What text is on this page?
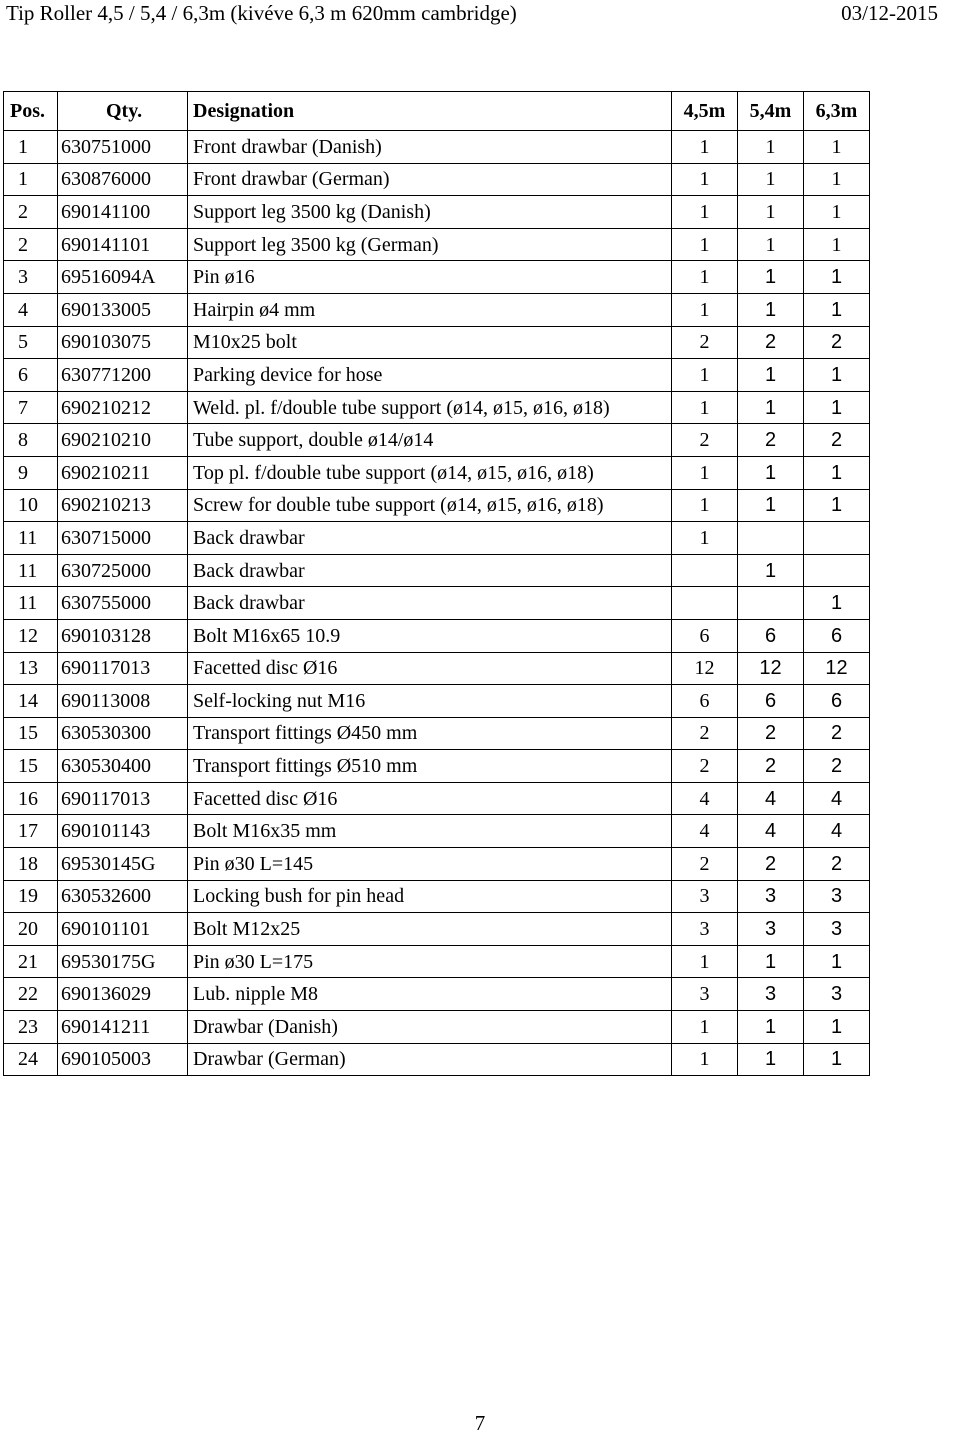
Tip Roller 4,5 / 5,4 / 6,3m (kivéve 6,3 m 620mm cambridge)	03/12-2015
Pos.	Qty.	Designation	4,5m	5,4m	6,3m
1	630751000	Front drawbar (Danish)	1	1	1
1	630876000	Front drawbar (German)	1	1	1
2	690141100	Support leg 3500 kg (Danish)	1	1	1
2	690141101	Support leg 3500 kg (German)	1	1	1
3	69516094A	Pin ø16	1	1	1
4	690133005	Hairpin ø4 mm	1	1	1
5	690103075	M10x25 bolt	2	2	2
6	630771200	Parking device for hose	1	1	1
7	690210212	Weld. pl. f/double tube support (ø14, ø15, ø16, ø18)	1	1	1
8	690210210	Tube support, double ø14/ø14	2	2	2
9	690210211	Top pl. f/double tube support (ø14, ø15, ø16, ø18)	1	1	1
10	690210213	Screw for double tube support (ø14, ø15, ø16, ø18)	1	1	1
11	630715000	Back drawbar	1		
11	630725000	Back drawbar		1	
11	630755000	Back drawbar			1
12	690103128	Bolt M16x65 10.9	6	6	6
13	690117013	Facetted disc Ø16	12	12	12
14	690113008	Self-locking nut M16	6	6	6
15	630530300	Transport fittings Ø450 mm	2	2	2
15	630530400	Transport fittings Ø510 mm	2	2	2
16	690117013	Facetted disc Ø16	4	4	4
17	690101143	Bolt M16x35 mm	4	4	4
18	69530145G	Pin ø30 L=145	2	2	2
19	630532600	Locking bush for pin head	3	3	3
20	690101101	Bolt M12x25	3	3	3
21	69530175G	Pin ø30 L=175	1	1	1
22	690136029	Lub. nipple M8	3	3	3
23	690141211	Drawbar (Danish)	1	1	1
24	690105003	Drawbar (German)	1	1	1
7
